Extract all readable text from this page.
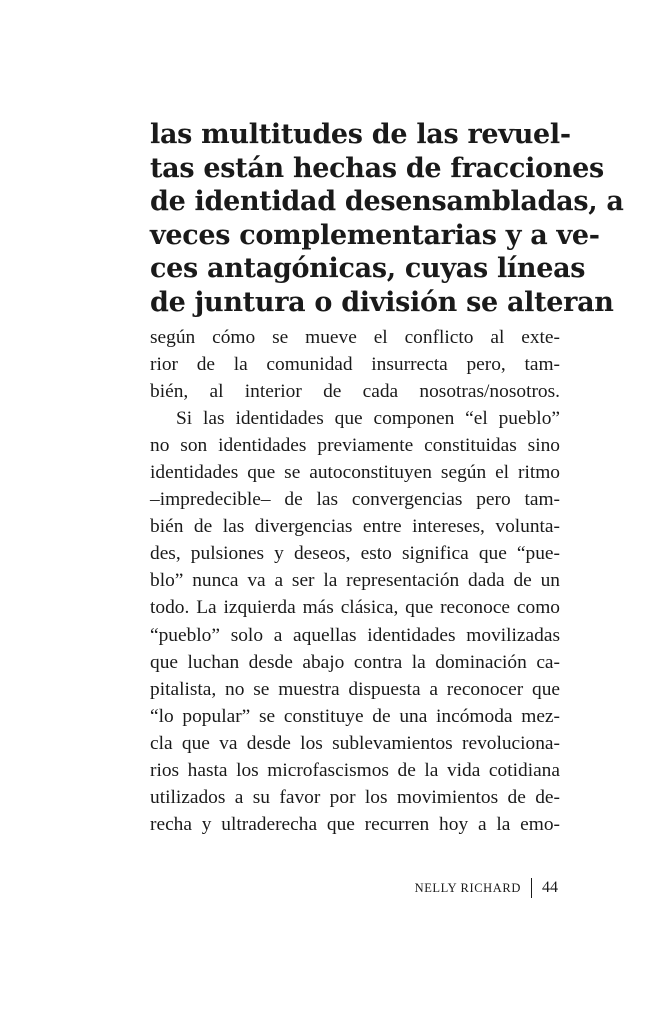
las multitudes de las revuel-
tas están hechas de fracciones
de identidad desensambladas, a
veces complementarias y a ve-
ces antagónicas, cuyas líneas
de juntura o división se alteran
según cómo se mueve el conflicto al exte-
rior de la comunidad insurrecta pero, tam-
bién, al interior de cada nosotras/nosotros.
Si las identidades que componen “el pueblo”
no son identidades previamente constituidas sino
identidades que se autoconstituyen según el ritmo
–impredecible– de las convergencias pero tam-
bién de las divergencias entre intereses, volunta-
des, pulsiones y deseos, esto significa que “pue-
blo” nunca va a ser la representación dada de un
todo. La izquierda más clásica, que reconoce como
“pueblo” solo a aquellas identidades movilizadas
que luchan desde abajo contra la dominación ca-
pitalista, no se muestra dispuesta a reconocer que
“lo popular” se constituye de una incómoda mez-
cla que va desde los sublevamientos revoluciona-
rios hasta los microfascismos de la vida cotidiana
utilizados a su favor por los movimientos de de-
recha y ultraderecha que recurren hoy a la emo-
NELLY RICHARD 44
